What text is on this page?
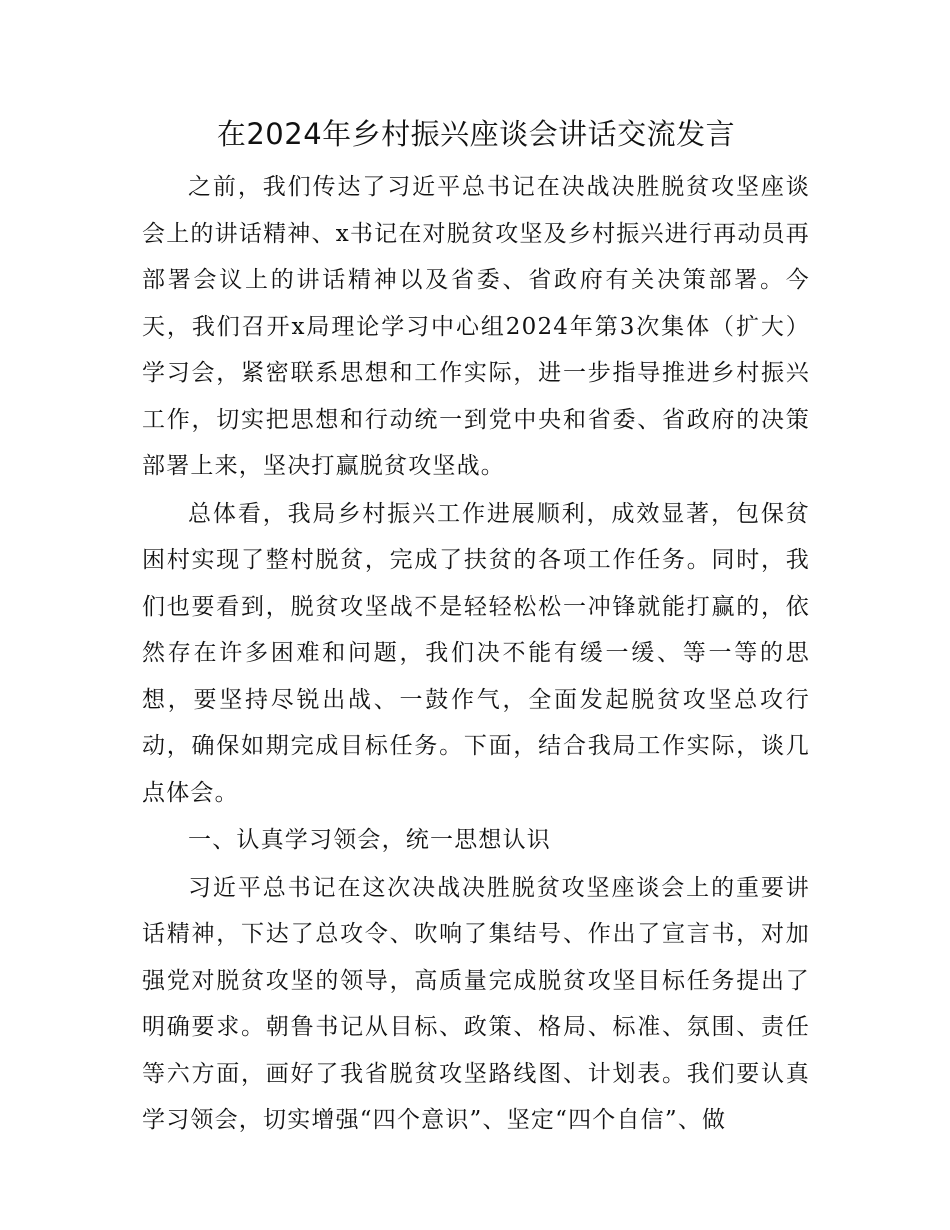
在2024年乡村振兴座谈会讲话交流发言

之前，我们传达了习近平总书记在决战决胜脱贫攻坚座谈会上的讲话精神、x书记在对脱贫攻坚及乡村振兴进行再动员再部署会议上的讲话精神以及省委、省政府有关决策部署。今天，我们召开x局理论学习中心组2024年第3次集体（扩大）学习会，紧密联系思想和工作实际，进一步指导推进乡村振兴工作，切实把思想和行动统一到党中央和省委、省政府的决策部署上来，坚决打赢脱贫攻坚战。

总体看，我局乡村振兴工作进展顺利，成效显著，包保贫困村实现了整村脱贫，完成了扶贫的各项工作任务。同时，我们也要看到，脱贫攻坚战不是轻轻松松一冲锋就能打赢的，依然存在许多困难和问题，我们决不能有缓一缓、等一等的思想，要坚持尽锐出战、一鼓作气，全面发起脱贫攻坚总攻行动，确保如期完成目标任务。下面，结合我局工作实际，谈几点体会。

一、认真学习领会，统一思想认识

习近平总书记在这次决战决胜脱贫攻坚座谈会上的重要讲话精神，下达了总攻令、吹响了集结号、作出了宣言书，对加强党对脱贫攻坚的领导，高质量完成脱贫攻坚目标任务提出了明确要求。朝鲁书记从目标、政策、格局、标准、氛围、责任等六方面，画好了我省脱贫攻坚路线图、计划表。我们要认真学习领会，切实增强“四个意识”、坚定“四个自信”、做
